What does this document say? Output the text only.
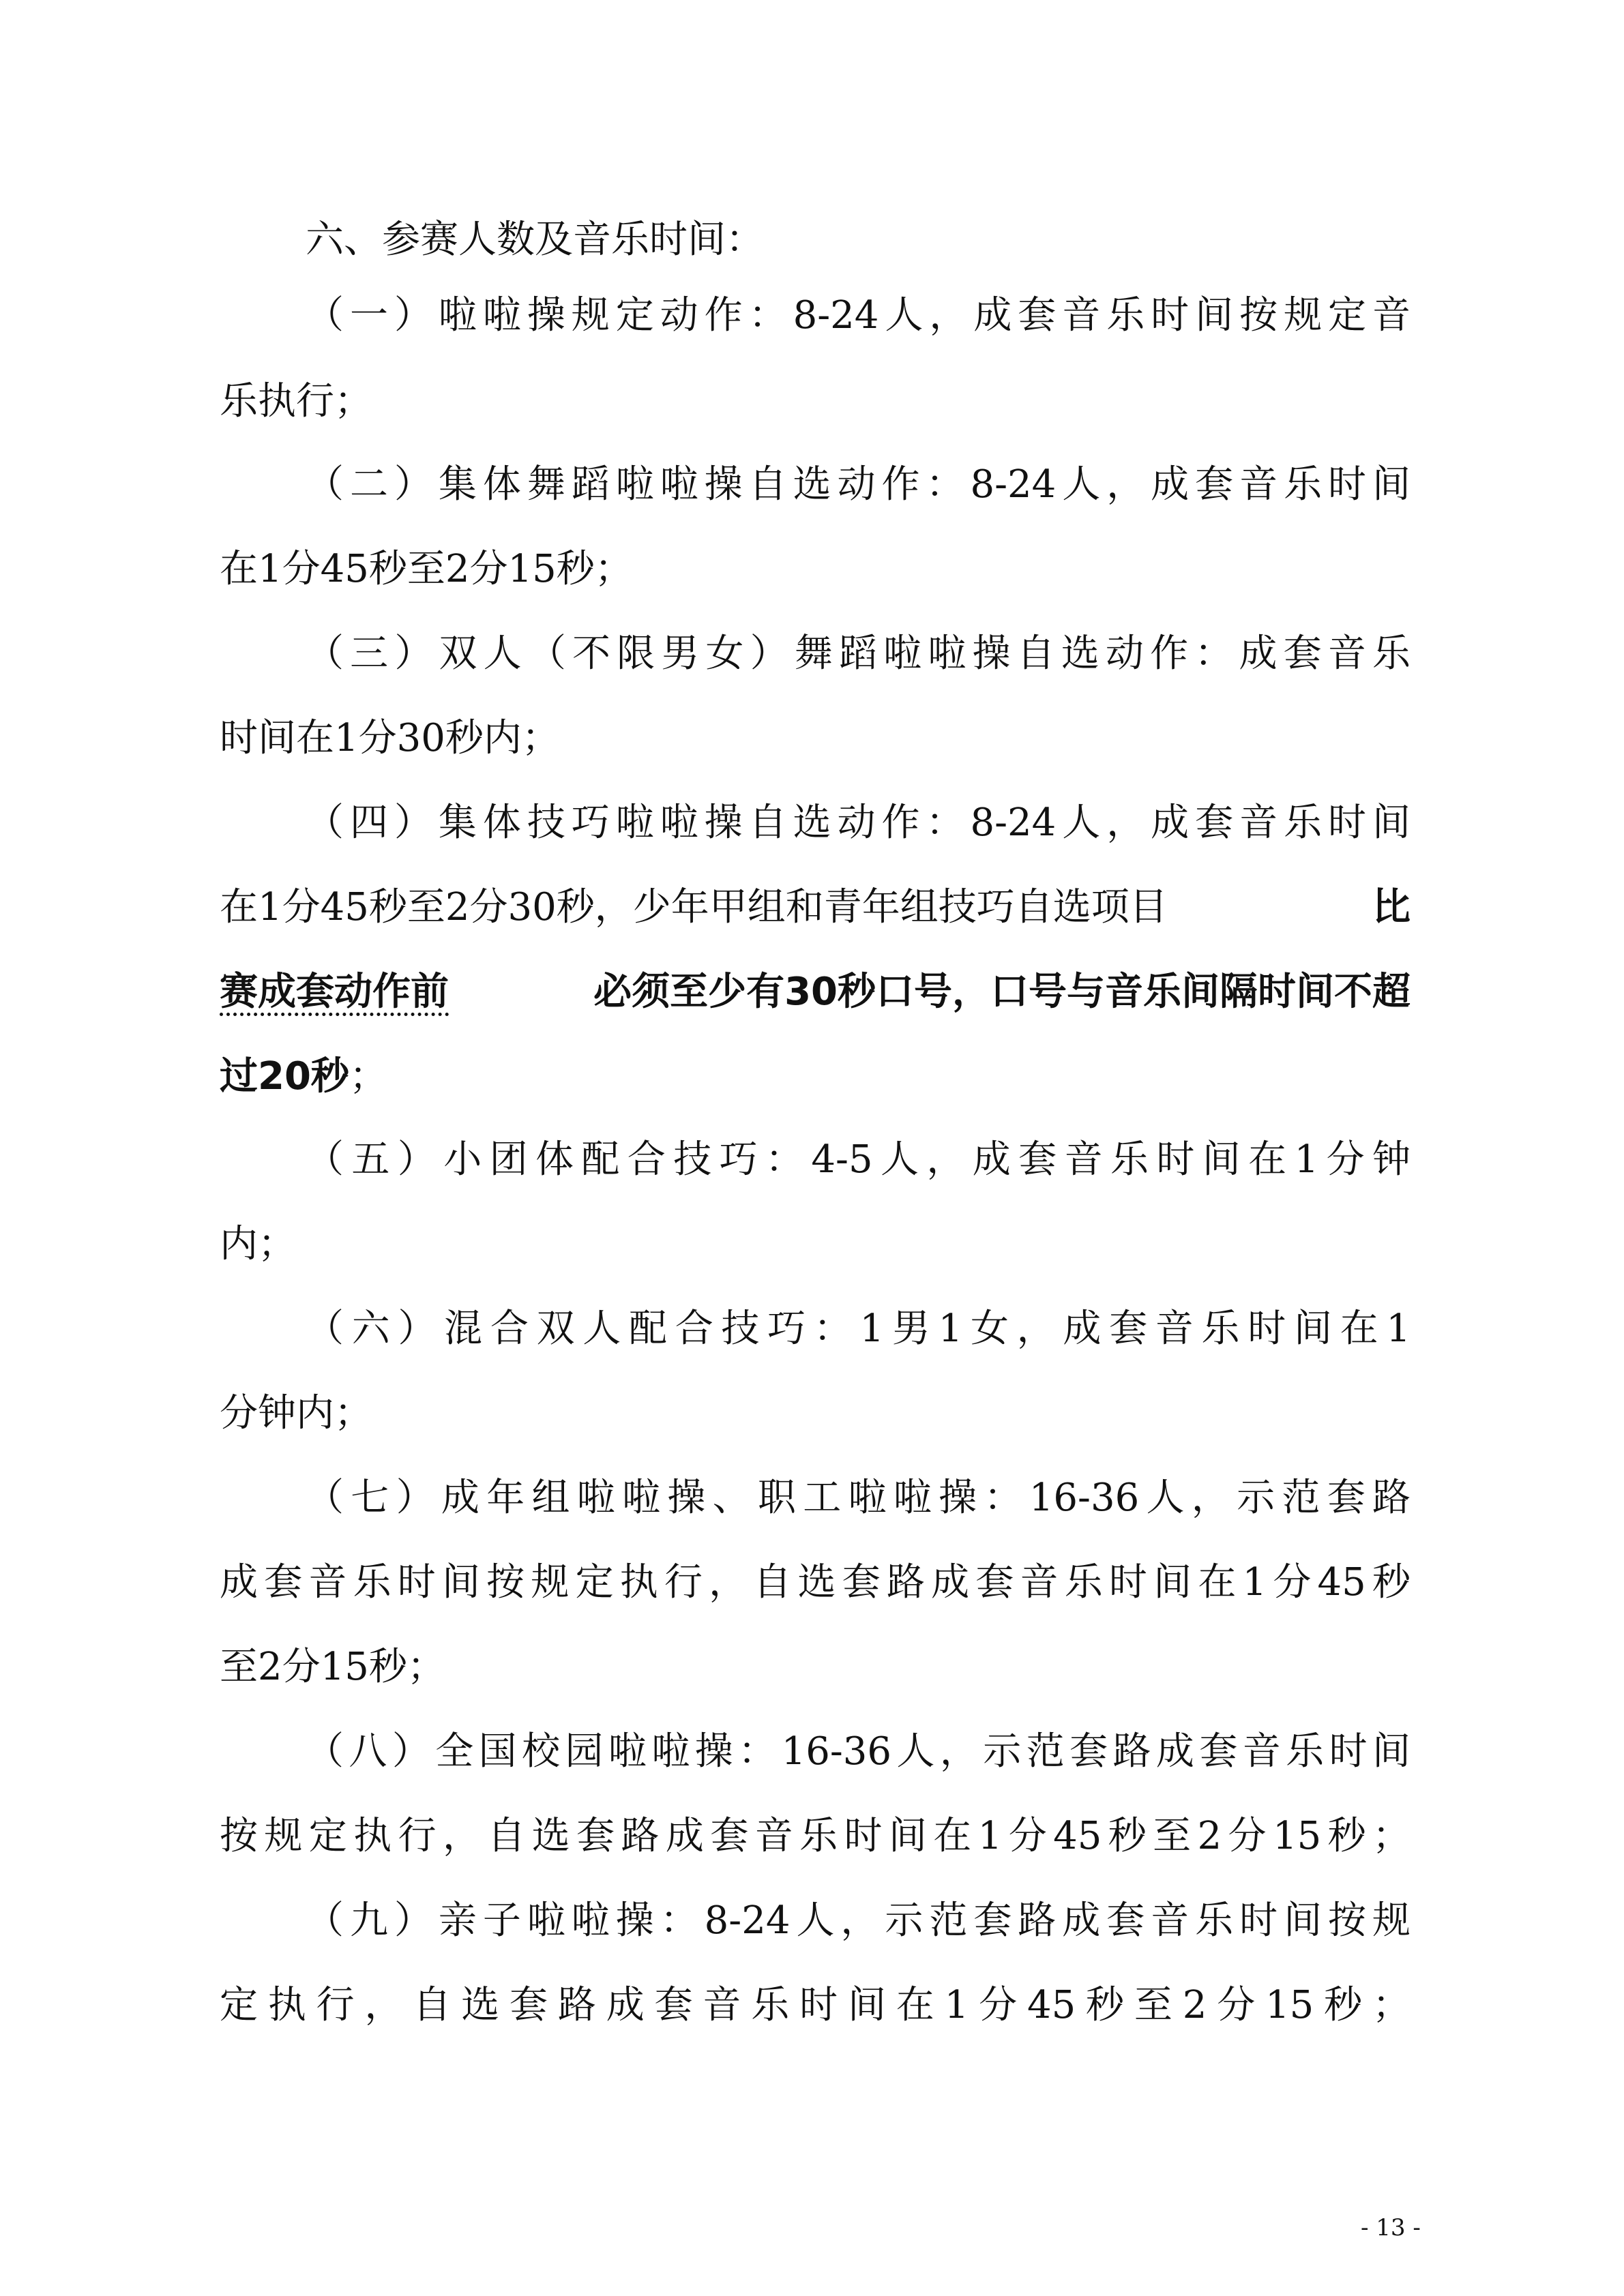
六、参赛人数及音乐时间：
（一）啦啦操规定动作：8-24人，成套音乐时间按规定音
乐执行；
（二）集体舞蹈啦啦操自选动作：8-24人，成套音乐时间
在1分45秒至2分15秒；
（三）双人（不限男女）舞蹈啦啦操自选动作：成套音乐
时间在1分30秒内；
（四）集体技巧啦啦操自选动作：8-24人，成套音乐时间
在1分45秒至2分30秒，少年甲组和青年组技巧自选项目	比
赛成套动作前	必须至少有30秒口号，口号与音乐间隔时间不超
过20秒；
（五）小团体配合技巧：4-5人，成套音乐时间在1分钟
内；
（六）混合双人配合技巧：1男1女，成套音乐时间在1
分钟内；
（七）成年组啦啦操、职工啦啦操：16-36人，示范套路
成套音乐时间按规定执行，自选套路成套音乐时间在1分45秒
至2分15秒；
（八）全国校园啦啦操：16-36人，示范套路成套音乐时间
按规定执行，自选套路成套音乐时间在1分45秒至2分15秒；
（九）亲子啦啦操：8-24人，示范套路成套音乐时间按规
定执行，自选套路成套音乐时间在1分45秒至2分15秒；
- 13 -
